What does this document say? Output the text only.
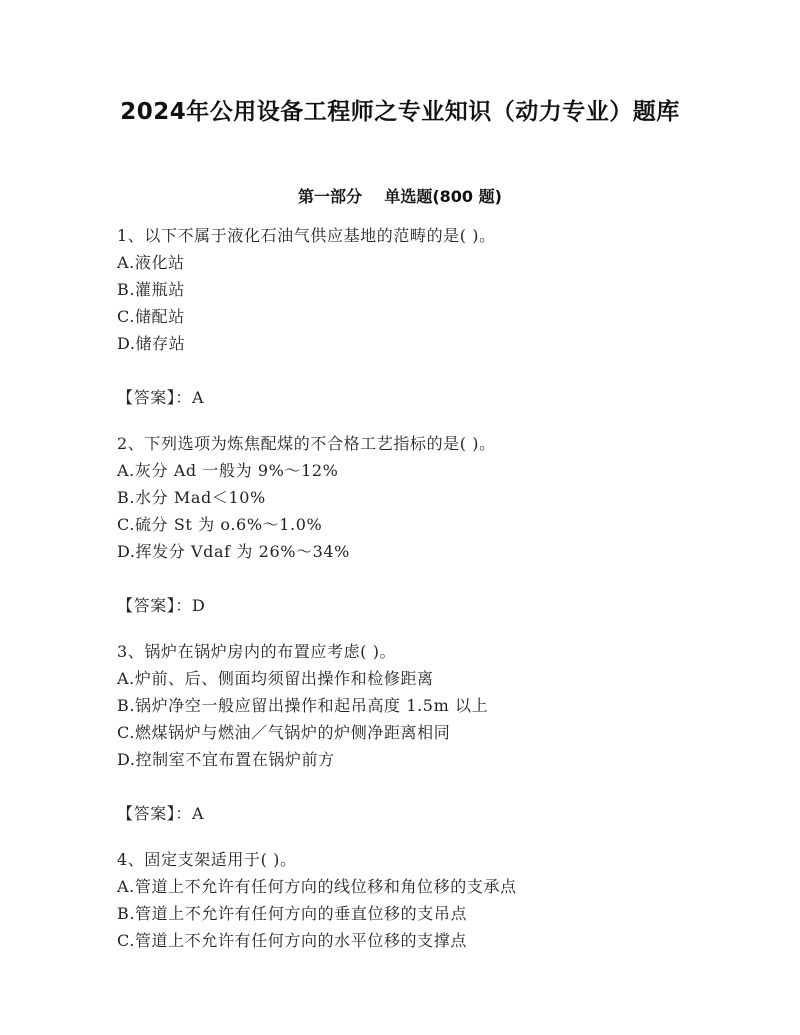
2024年公用设备工程师之专业知识（动力专业）题库
第一部分    单选题(800 题)
1、以下不属于液化石油气供应基地的范畴的是( )。
A.液化站
B.灌瓶站
C.储配站
D.储存站
【答案】：A
2、下列选项为炼焦配煤的不合格工艺指标的是( )。
A.灰分 Ad 一般为 9%～12%
B.水分 Mad＜10%
C.硫分 St 为 o.6%～1.0%
D.挥发分 Vdaf 为 26%～34%
【答案】：D
3、锅炉在锅炉房内的布置应考虑( )。
A.炉前、后、侧面均须留出操作和检修距离
B.锅炉净空一般应留出操作和起吊高度 1.5m 以上
C.燃煤锅炉与燃油／气锅炉的炉侧净距离相同
D.控制室不宜布置在锅炉前方
【答案】：A
4、固定支架适用于( )。
A.管道上不允许有任何方向的线位移和角位移的支承点
B.管道上不允许有任何方向的垂直位移的支吊点
C.管道上不允许有任何方向的水平位移的支撑点
